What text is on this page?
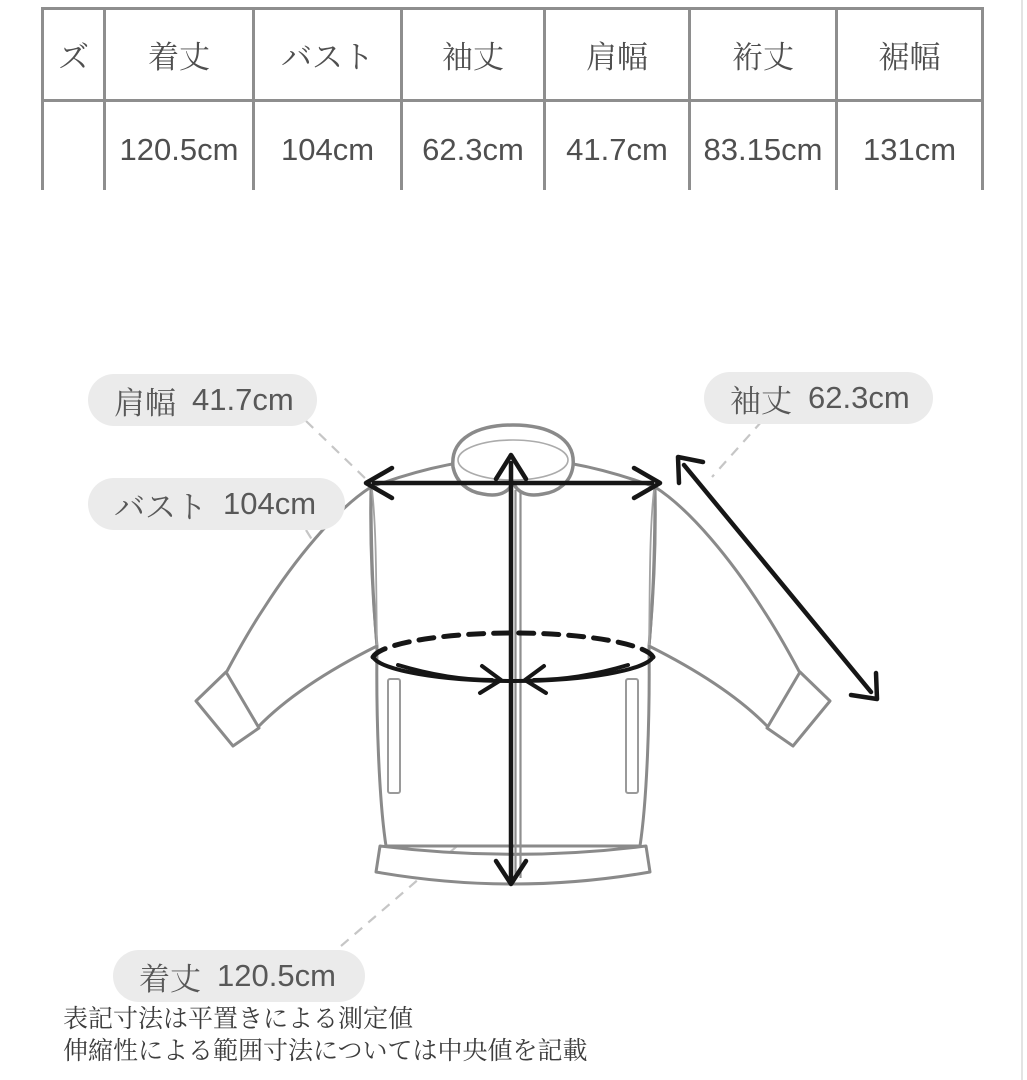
ズ	着丈	バスト	袖丈	肩幅	裄丈	裾幅
	120.5cm	104cm	62.3cm	41.7cm	83.15cm	131cm
肩幅 41.7cm	袖丈 62.3cm
バスト 104cm
着丈 120.5cm
表記寸法は平置きによる測定値
伸縮性による範囲寸法については中央値を記載
